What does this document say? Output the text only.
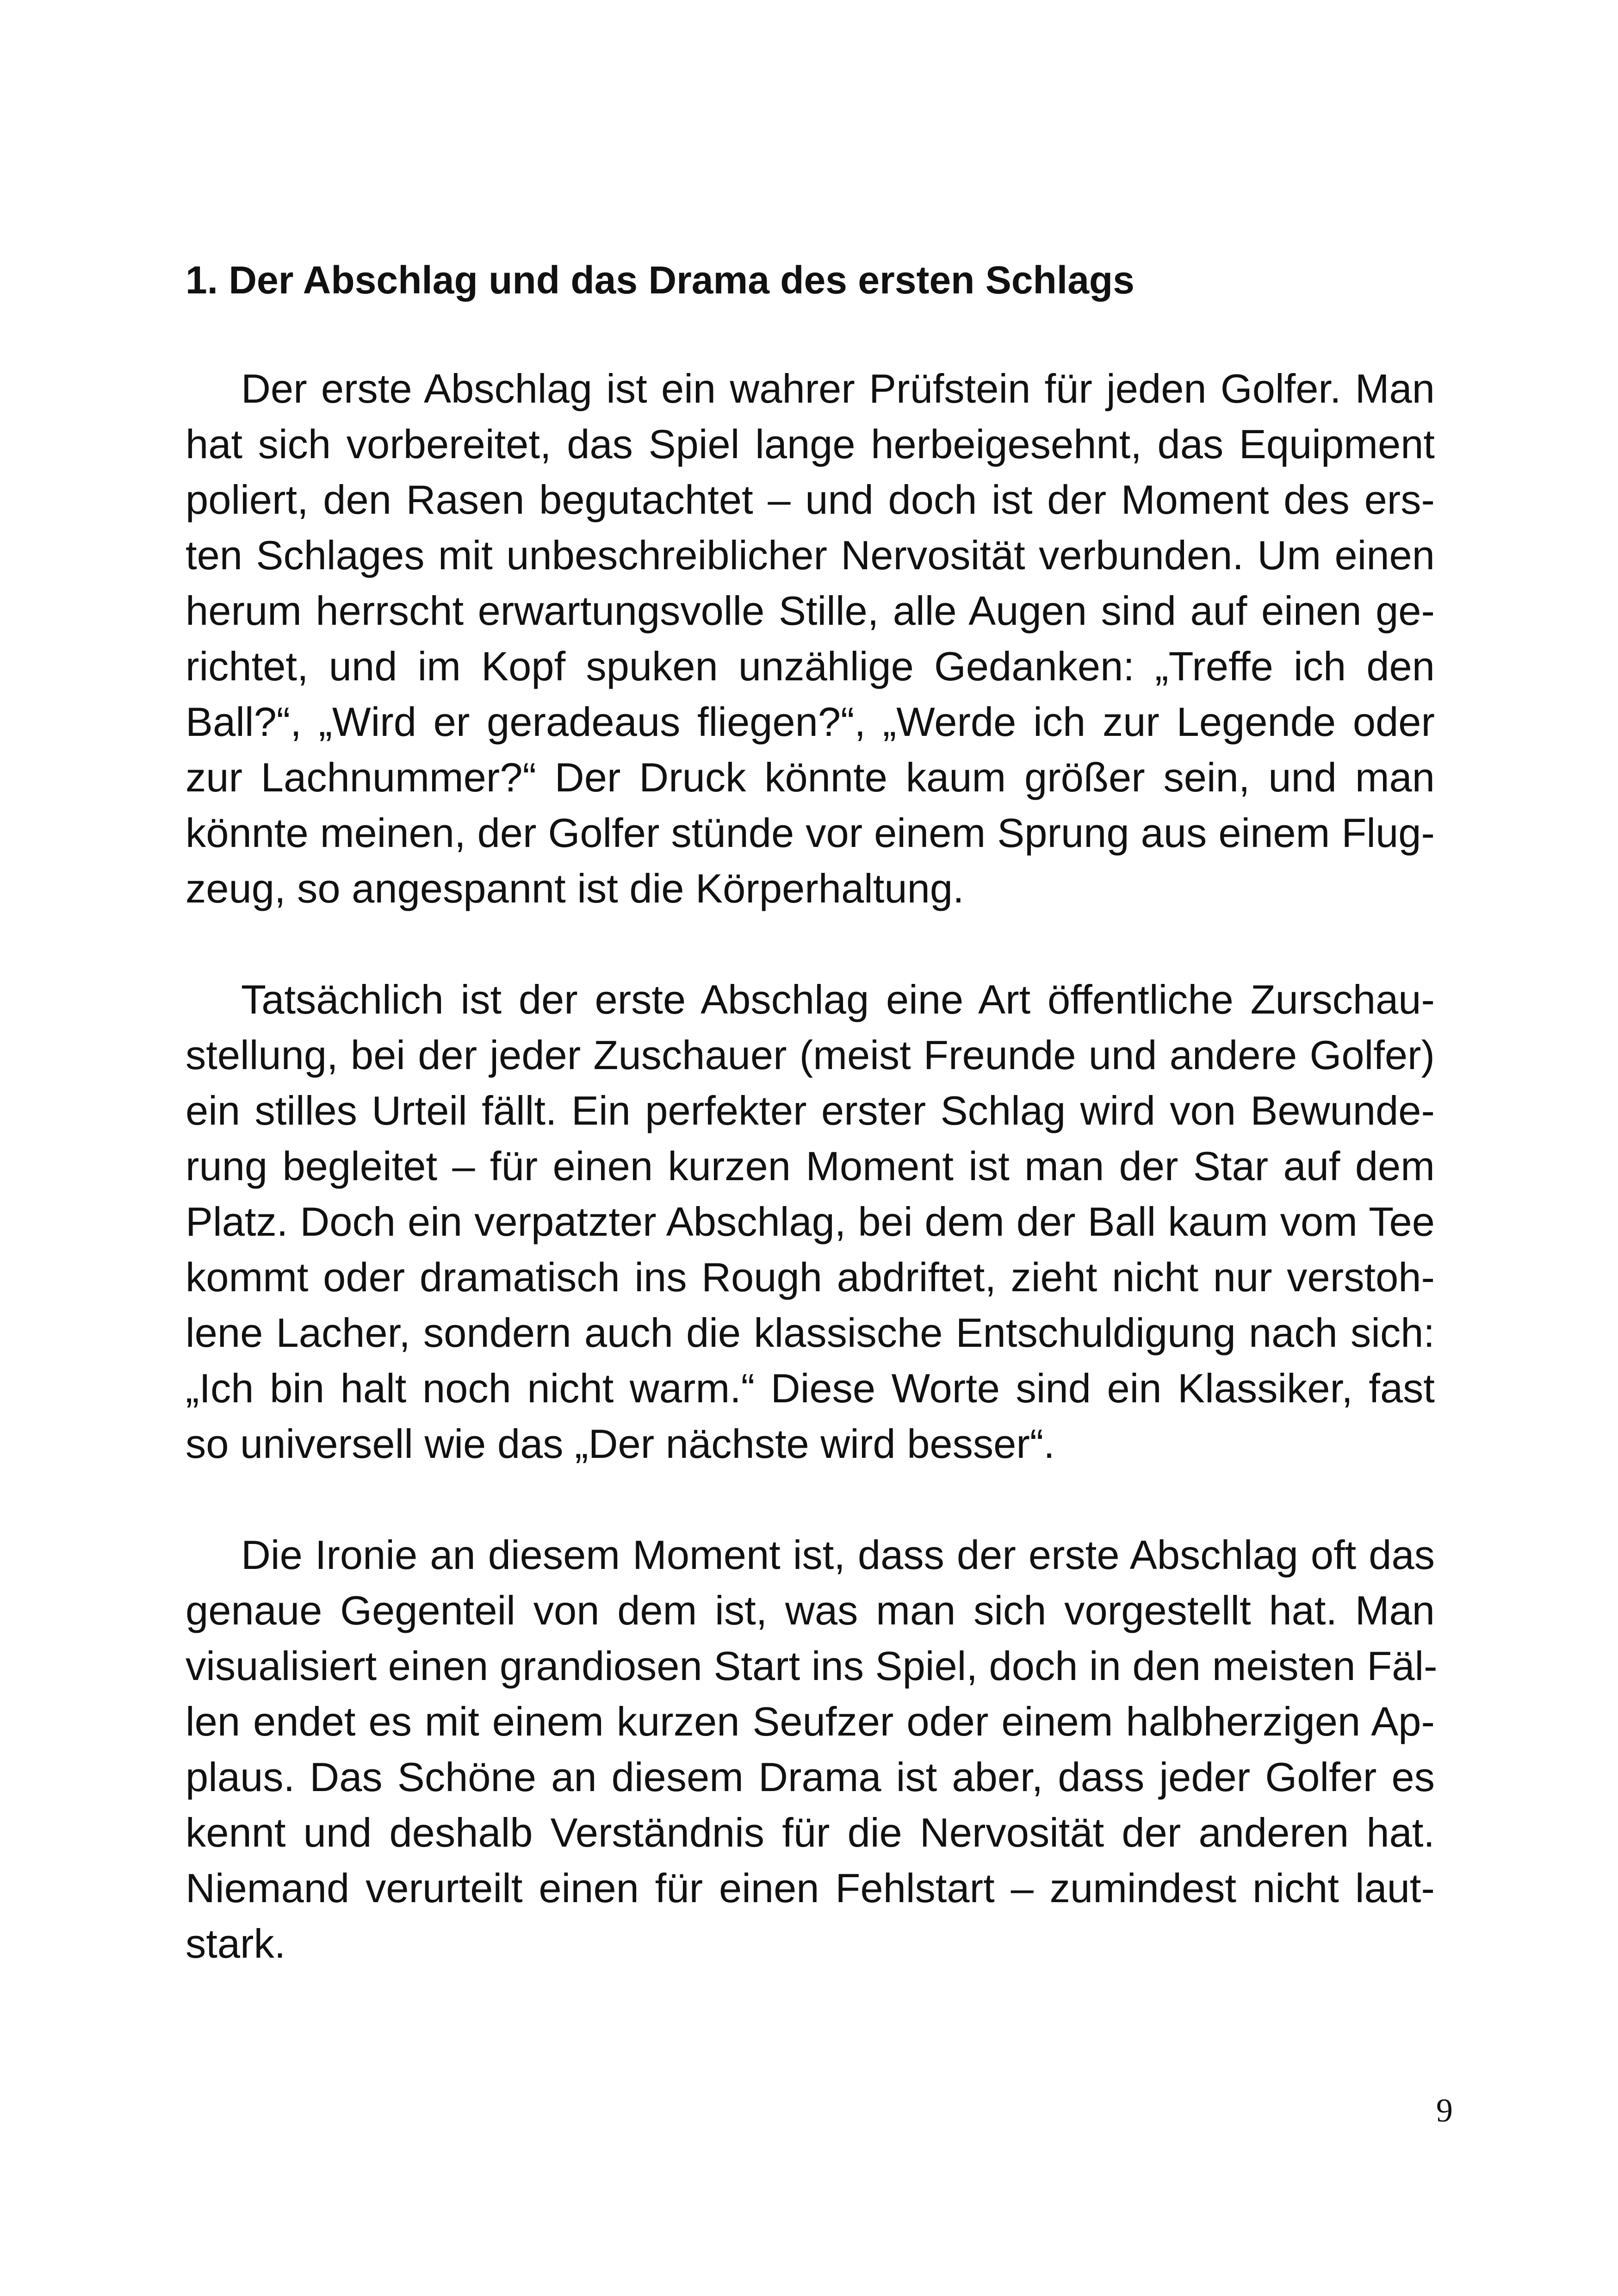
1. Der Abschlag und das Drama des ersten Schlags
Der erste Abschlag ist ein wahrer Prüfstein für jeden Golfer. Man
hat sich vorbereitet, das Spiel lange herbeigesehnt, das Equipment
poliert, den Rasen begutachtet – und doch ist der Moment des ers-
ten Schlages mit unbeschreiblicher Nervosität verbunden. Um einen
herum herrscht erwartungsvolle Stille, alle Augen sind auf einen ge-
richtet, und im Kopf spuken unzählige Gedanken: „Treffe ich den
Ball?“, „Wird er geradeaus fliegen?“, „Werde ich zur Legende oder
zur Lachnummer?“ Der Druck könnte kaum größer sein, und man
könnte meinen, der Golfer stünde vor einem Sprung aus einem Flug-
zeug, so angespannt ist die Körperhaltung.
Tatsächlich ist der erste Abschlag eine Art öffentliche Zurschau-
stellung, bei der jeder Zuschauer (meist Freunde und andere Golfer)
ein stilles Urteil fällt. Ein perfekter erster Schlag wird von Bewunde-
rung begleitet – für einen kurzen Moment ist man der Star auf dem
Platz. Doch ein verpatzter Abschlag, bei dem der Ball kaum vom Tee
kommt oder dramatisch ins Rough abdriftet, zieht nicht nur verstoh-
lene Lacher, sondern auch die klassische Entschuldigung nach sich:
„Ich bin halt noch nicht warm.“ Diese Worte sind ein Klassiker, fast
so universell wie das „Der nächste wird besser“.
Die Ironie an diesem Moment ist, dass der erste Abschlag oft das
genaue Gegenteil von dem ist, was man sich vorgestellt hat. Man
visualisiert einen grandiosen Start ins Spiel, doch in den meisten Fäl-
len endet es mit einem kurzen Seufzer oder einem halbherzigen Ap-
plaus. Das Schöne an diesem Drama ist aber, dass jeder Golfer es
kennt und deshalb Verständnis für die Nervosität der anderen hat.
Niemand verurteilt einen für einen Fehlstart – zumindest nicht laut-
stark.
9
